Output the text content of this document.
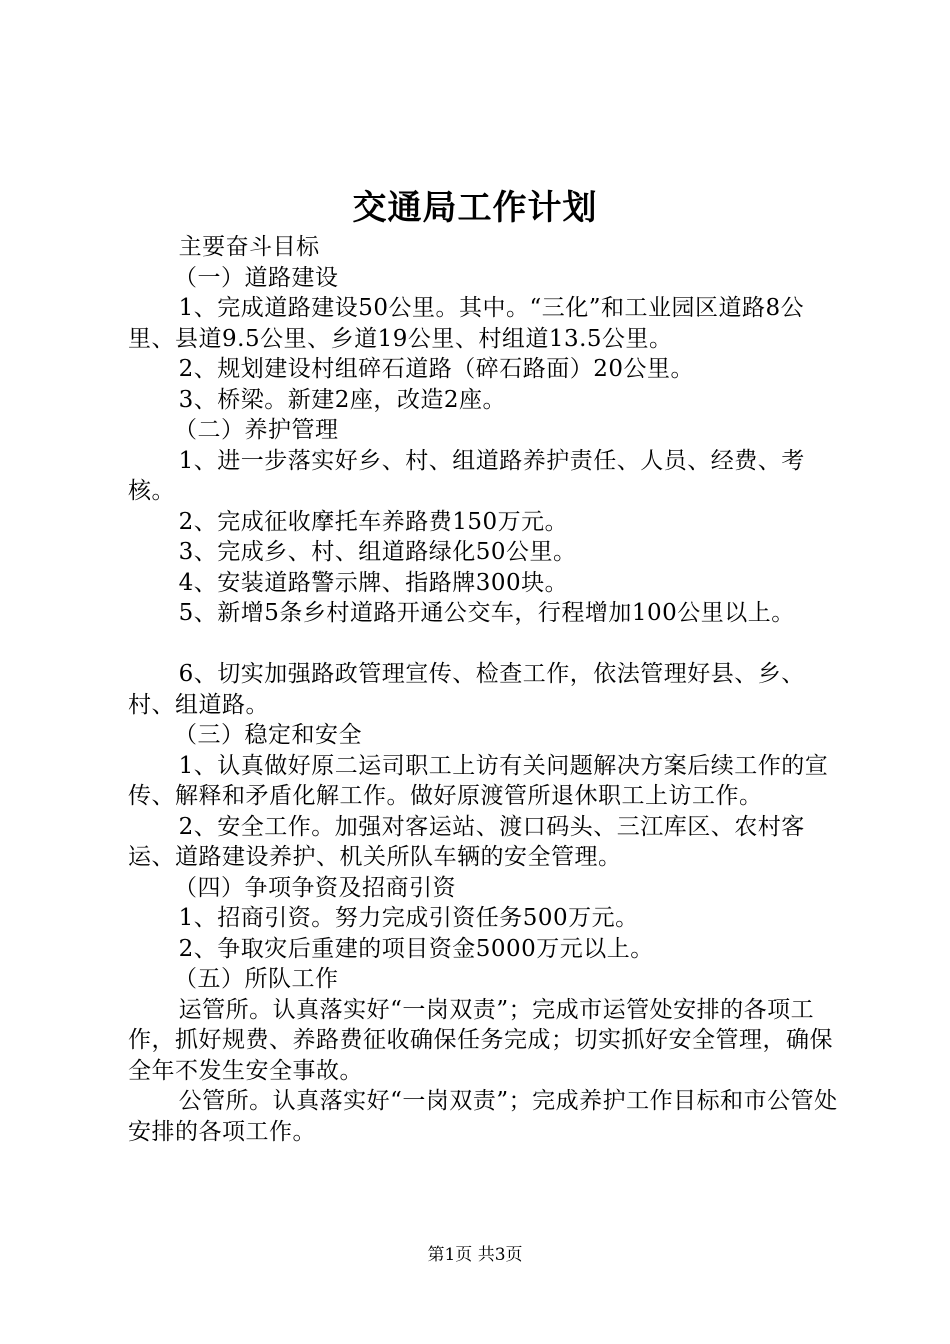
交通局工作计划

主要奋斗目标

（一）道路建设

1、完成道路建设50公里。其中。“三化”和工业园区道路8公里、县道9.5公里、乡道19公里、村组道13.5公里。

2、规划建设村组碎石道路（碎石路面）20公里。

3、桥梁。新建2座，改造2座。

（二）养护管理

1、进一步落实好乡、村、组道路养护责任、人员、经费、考核。

2、完成征收摩托车养路费150万元。

3、完成乡、村、组道路绿化50公里。

4、安装道路警示牌、指路牌300块。

5、新增5条乡村道路开通公交车，行程增加100公里以上。

6、切实加强路政管理宣传、检查工作，依法管理好县、乡、村、组道路。

（三）稳定和安全

1、认真做好原二运司职工上访有关问题解决方案后续工作的宣传、解释和矛盾化解工作。做好原渡管所退休职工上访工作。

2、安全工作。加强对客运站、渡口码头、三江库区、农村客运、道路建设养护、机关所队车辆的安全管理。

（四）争项争资及招商引资

1、招商引资。努力完成引资任务500万元。

2、争取灾后重建的项目资金5000万元以上。

（五）所队工作

运管所。认真落实好“一岗双责”；完成市运管处安排的各项工作，抓好规费、养路费征收确保任务完成；切实抓好安全管理，确保全年不发生安全事故。

公管所。认真落实好“一岗双责”；完成养护工作目标和市公管处安排的各项工作。

第1页 共3页
